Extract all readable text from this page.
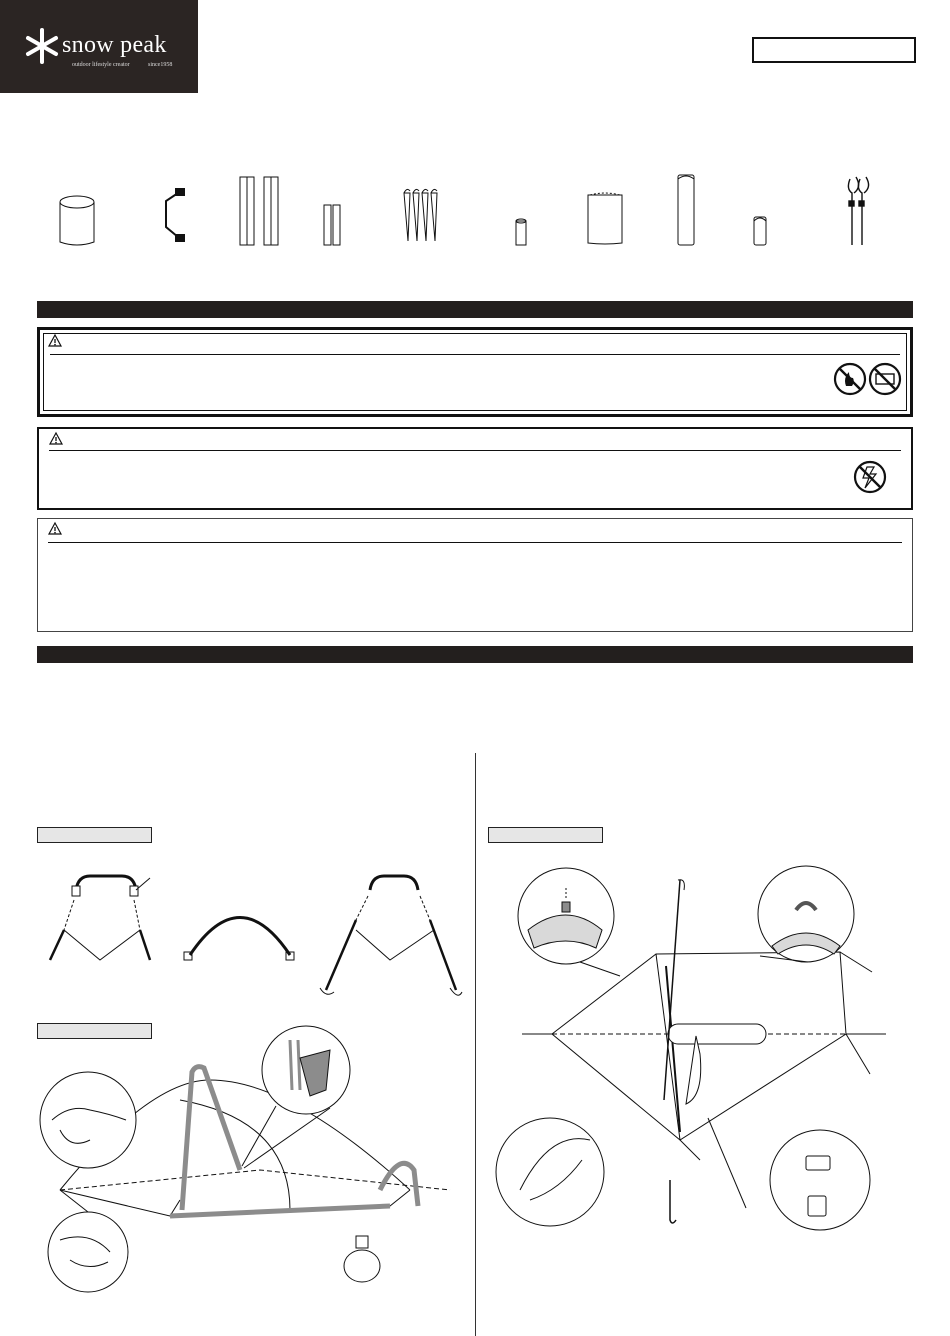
snow peak
outdoor lifestyle creator	since1958
